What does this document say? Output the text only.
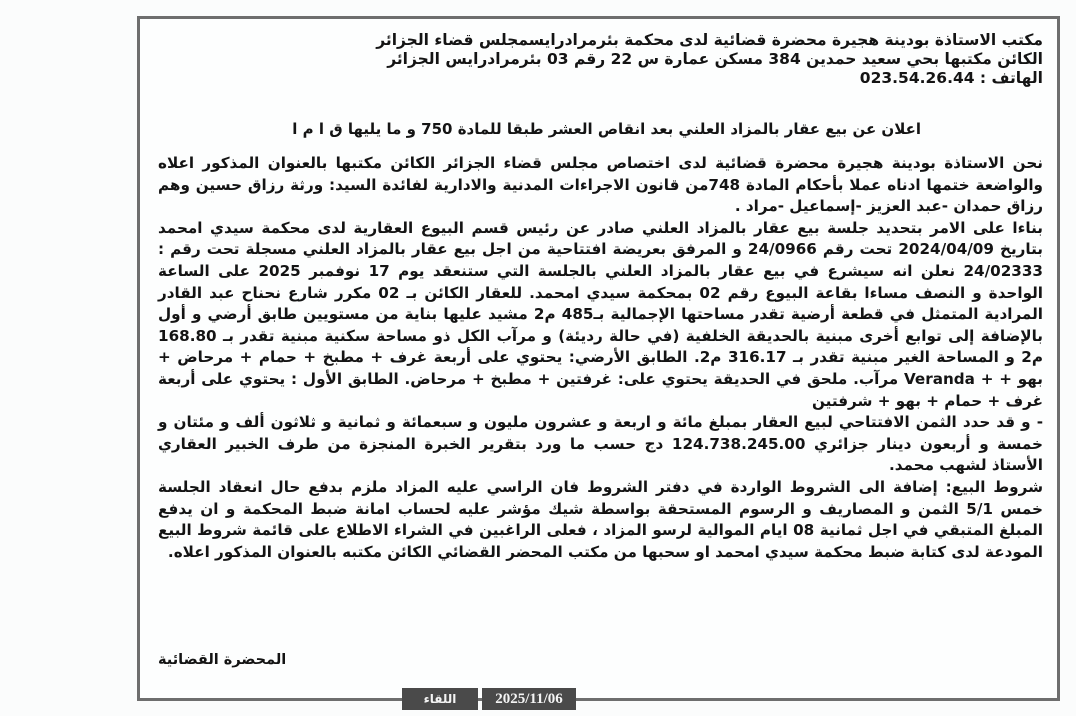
مكتب الاستاذة بودينة هجيرة محضرة قضائية لدى محكمة بئرمرادرايسمجلس قضاء الجزائر
الكائن مكتبها بحي سعيد حمدين 384 مسكن عمارة س 22 رقم 03 بئرمرادرايس الجزائر
الهاتف : 023.54.26.44
اعلان عن بيع عقار بالمزاد العلني بعد انقاص العشر طبقا للمادة 750 و ما يليها ق ا م ا

نحن الاستاذة بودينة هجيرة محضرة قضائية لدى اختصاص مجلس قضاء الجزائر الكائن مكتبها بالعنوان المذكور اعلاه والواضعة ختمها ادناه عملا بأحكام المادة 748من قانون الاجراءات المدنية والادارية لفائدة السيد: ورثة رزاق حسين وهم رزاق حمدان -عبد العزيز -إسماعيل -مراد .

بناءا على الامر بتحديد جلسة بيع عقار بالمزاد العلني صادر عن رئيس قسم البيوع العقارية لدى محكمة سيدي امحمد بتاريخ 2024/04/09 تحت رقم 24/0966 و المرفق بعريضة افتتاحية من اجل بيع عقار بالمزاد العلني مسجلة تحت رقم : 24/02333 نعلن انه سيشرع في بيع عقار بالمزاد العلني بالجلسة التي ستنعقد يوم 17 نوفمبر 2025 على الساعة الواحدة و النصف مساءا بقاعة البيوع رقم 02 بمحكمة سيدي امحمد. للعقار الكائن بـ 02 مكرر شارع نحناح عبد القادر المرادية المتمثل في قطعة أرضية تقدر مساحتها الإجمالية بـ485 م2 مشيد عليها بناية من مستويين طابق أرضي و أول بالإضافة إلى توابع أخرى مبنية بالحديقة الخلفية (في حالة رديئة) و مرآب الكل ذو مساحة سكنية مبنية تقدر بـ 168.80 م2 و المساحة الغير مبنية تقدر بـ 316.17 م2. الطابق الأرضي: يحتوي على أربعة غرف + مطبخ + حمام + مرحاض + بهو + + Veranda مرآب. ملحق في الحديقة يحتوي على: غرفتين + مطبخ + مرحاض. الطابق الأول : يحتوي على أربعة غرف + حمام + بهو + شرفتين

- و قد حدد الثمن الافتتاحي لبيع العقار بمبلغ مائة و اربعة و عشرون مليون و سبعمائة و ثمانية و ثلاثون ألف و مئتان و خمسة و أربعون دينار جزائري 124.738.245.00 دج حسب ما ورد بتقرير الخبرة المنجزة من طرف الخبير العقاري الأستاذ لشهب محمد.

شروط البيع: إضافة الى الشروط الواردة في دفتر الشروط فان الراسي عليه المزاد ملزم بدفع حال انعقاد الجلسة خمس 5/1 الثمن و المصاريف و الرسوم المستحقة بواسطة شيك مؤشر عليه لحساب امانة ضبط المحكمة و ان يدفع المبلغ المتبقي في اجل ثمانية 08 ايام الموالية لرسو المزاد ، فعلى الراغبين في الشراء الاطلاع على قائمة شروط البيع المودعة لدى كتابة ضبط محكمة سيدي امحمد او سحبها من مكتب المحضر القضائي الكائن مكتبه بالعنوان المذكور اعلاه.

المحضرة القضائية
اللقاء	2025/11/06
